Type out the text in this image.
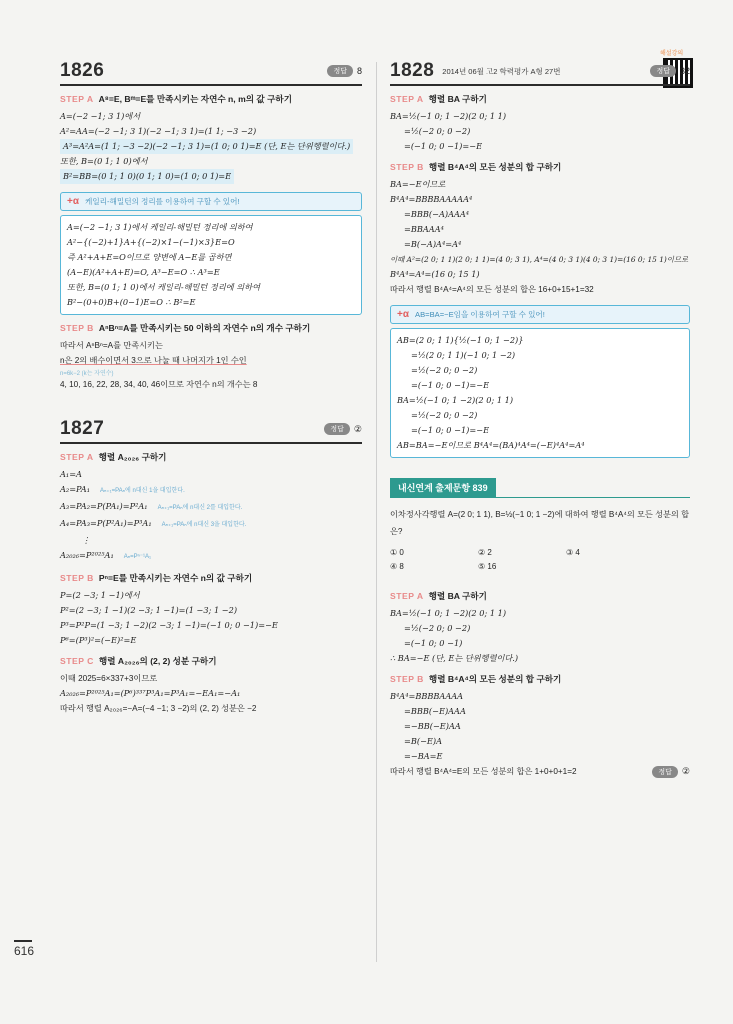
해설강의
1826	정답	8
STEP A A⁸=E, Bᵐ=E를 만족시키는 자연수 n, m의 값 구하기
A=(−2 −1; 3 1)에서
A²=AA=(−2 −1; 3 1)(−2 −1; 3 1)=(1 1; −3 −2)
A³=A²A=(1 1; −3 −2)(−2 −1; 3 1)=(1 0; 0 1)=E (단, E는 단위행렬이다.)
또한, B=(0 1; 1 0)에서
B²=BB=(0 1; 1 0)(0 1; 1 0)=(1 0; 0 1)=E
+α 케일리-해밀턴의 정리를 이용하여 구할 수 있어!
A=(−2 −1; 3 1)에서 케일리-해밀턴 정리에 의하여
A²−{(−2)+1}A+{(−2)×1−(−1)×3}E=O
즉 A²+A+E=O이므로 양변에 A−E를 곱하면
(A−E)(A²+A+E)=O, A³−E=O ∴ A³=E
또한, B=(0 1; 1 0)에서 케일리-해밀턴 정리에 의하여
B²−(0+0)B+(0−1)E=O ∴ B²=E
STEP B AⁿBⁿ=A를 만족시키는 50 이하의 자연수 n의 개수 구하기
따라서 AⁿBⁿ=A를 만족시키는
n은 2의 배수이면서 3으로 나눌 때 나머지가 1인 수인
n=6k−2 (k는 자연수)
4, 10, 16, 22, 28, 34, 40, 46이므로 자연수 n의 개수는 8
1827	정답	②
STEP A 행렬 A₂₀₂₆ 구하기
A₁=A
A₂=PA₁ Aₙ₊₁=PAₙ에 n대신 1을 대입한다.
A₃=PA₂=P(PA₁)=P²A₁ Aₙ₊₁=PAₙ에 n대신 2를 대입한다.
A₄=PA₃=P(P²A₁)=P³A₁ Aₙ₊₁=PAₙ에 n대신 3을 대입한다.
⋮
A₂₀₂₆=P²⁰²⁵A₁ Aₙ=Pⁿ⁻¹A₁
STEP B Pⁿ=E를 만족시키는 자연수 n의 값 구하기
P=(2 −3; 1 −1)에서
P²=(2 −3; 1 −1)(2 −3; 1 −1)=(1 −3; 1 −2)
P³=P²P=(1 −3; 1 −2)(2 −3; 1 −1)=(−1 0; 0 −1)=−E
P⁶=(P³)²=(−E)²=E
STEP C 행렬 A₂₀₂₆의 (2, 2) 성분 구하기
이때 2025=6×337+3이므로
A₂₀₂₆=P²⁰²⁵A₁=(P⁶)³³⁷P³A₁=P³A₁=−EA₁=−A₁
따라서 행렬 A₂₀₂₆=−A=(−4 −1; 3 −2)의 (2, 2) 성분은 −2
1828 2014년 06월 고2 학력평가 A형 27번	정답	32
STEP A 행렬 BA 구하기
BA=½(−1 0; 1 −2)(2 0; 1 1)
=½(−2 0; 0 −2)
=(−1 0; 0 −1)=−E
STEP B 행렬 B⁴A⁴의 모든 성분의 합 구하기
BA=−E이므로
B⁴A⁴=BBBBAAAAA⁴
=BBB(−A)AAA⁴
=BBAAA⁴
=B(−A)A⁴=A⁴
이때 A²=(2 0; 1 1)(2 0; 1 1)=(4 0; 3 1), A⁴=(4 0; 3 1)(4 0; 3 1)=(16 0; 15 1)이므로
B⁴A⁴=A⁴=(16 0; 15 1)
따라서 행렬 B⁴A⁴=A⁴의 모든 성분의 합은 16+0+15+1=32
+α AB=BA=−E임을 이용하여 구할 수 있어!
AB=(2 0; 1 1){½(−1 0; 1 −2)}
=½(2 0; 1 1)(−1 0; 1 −2)
=½(−2 0; 0 −2)
=(−1 0; 0 −1)=−E
BA=½(−1 0; 1 −2)(2 0; 1 1)
=½(−2 0; 0 −2)
=(−1 0; 0 −1)=−E
AB=BA=−E이므로 B⁴A⁴=(BA)⁴A⁴=(−E)⁴A⁴=A⁴
내신연계 출제문항 839
이차정사각행렬 A=(2 0; 1 1), B=½(−1 0; 1 −2)에 대하여 행렬 B⁴A⁴의 모든 성분의 합은?
① 0	② 2	③ 4
④ 8	⑤ 16
STEP A 행렬 BA 구하기
BA=½(−1 0; 1 −2)(2 0; 1 1)
=½(−2 0; 0 −2)
=(−1 0; 0 −1)
∴ BA=−E (단, E는 단위행렬이다.)
STEP B 행렬 B⁴A⁴의 모든 성분의 합 구하기
B⁴A⁴=BBBBAAAA
=BBB(−E)AAA
=−BB(−E)AA
=B(−E)A
=−BA=E
따라서 행렬 B⁴A⁴=E의 모든 성분의 합은 1+0+0+1=2	정답	②
616
